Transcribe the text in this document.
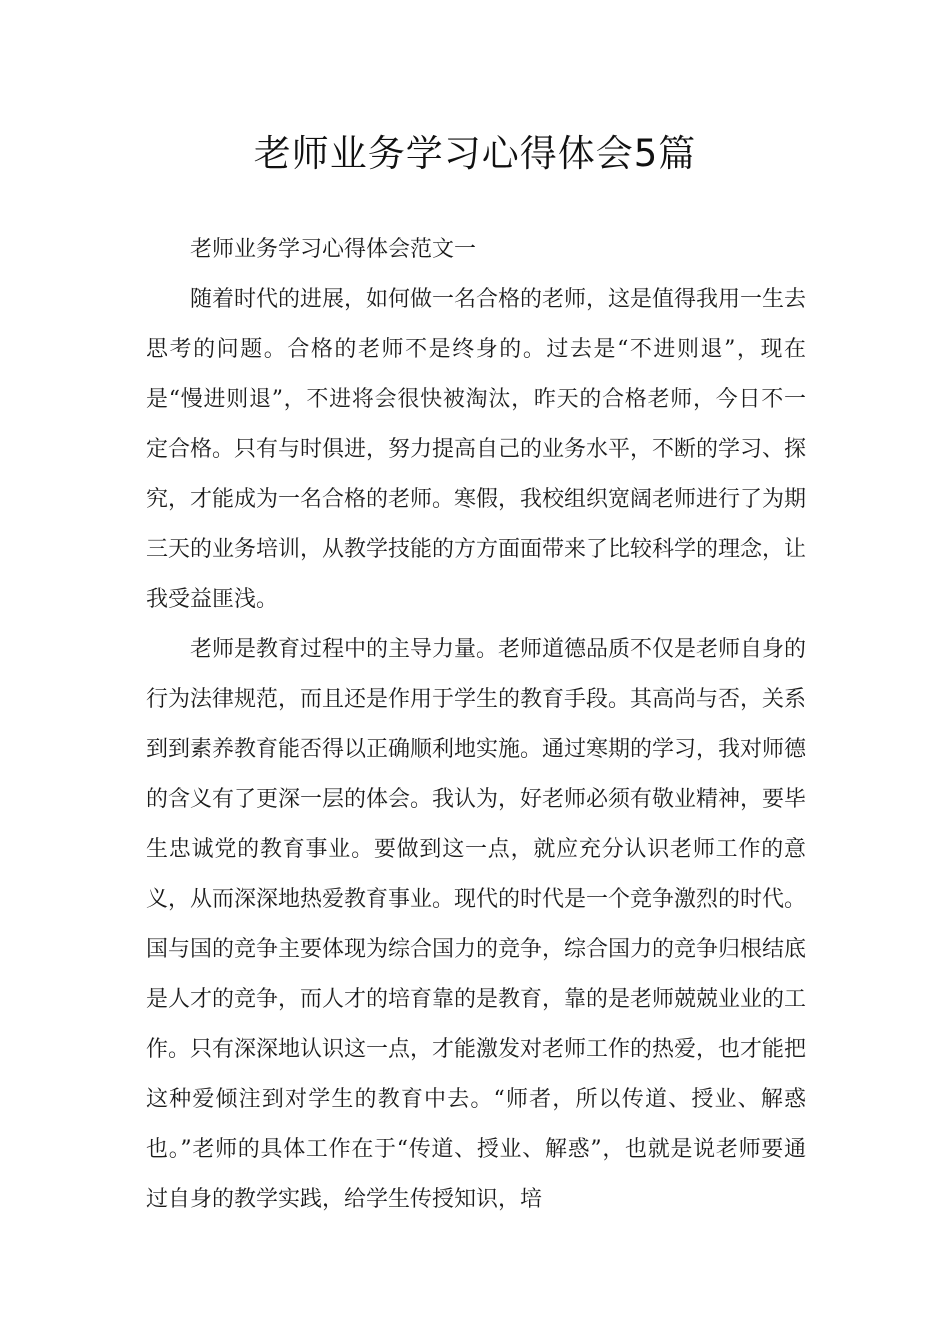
老师业务学习心得体会5篇

老师业务学习心得体会范文一

随着时代的进展，如何做一名合格的老师，这是值得我用一生去思考的问题。合格的老师不是终身的。过去是“不进则退”，现在是“慢进则退”，不进将会很快被淘汰，昨天的合格老师，今日不一定合格。只有与时俱进，努力提高自己的业务水平，不断的学习、探究，才能成为一名合格的老师。寒假，我校组织宽阔老师进行了为期三天的业务培训，从教学技能的方方面面带来了比较科学的理念，让我受益匪浅。

老师是教育过程中的主导力量。老师道德品质不仅是老师自身的行为法律规范，而且还是作用于学生的教育手段。其高尚与否，关系到到素养教育能否得以正确顺利地实施。通过寒期的学习，我对师德的含义有了更深一层的体会。我认为，好老师必须有敬业精神，要毕生忠诚党的教育事业。要做到这一点，就应充分认识老师工作的意义，从而深深地热爱教育事业。现代的时代是一个竞争激烈的时代。国与国的竞争主要体现为综合国力的竞争，综合国力的竞争归根结底是人才的竞争，而人才的培育靠的是教育，靠的是老师兢兢业业的工作。只有深深地认识这一点，才能激发对老师工作的热爱，也才能把这种爱倾注到对学生的教育中去。“师者，所以传道、授业、解惑也。”老师的具体工作在于“传道、授业、解惑”，也就是说老师要通过自身的教学实践，给学生传授知识，培
